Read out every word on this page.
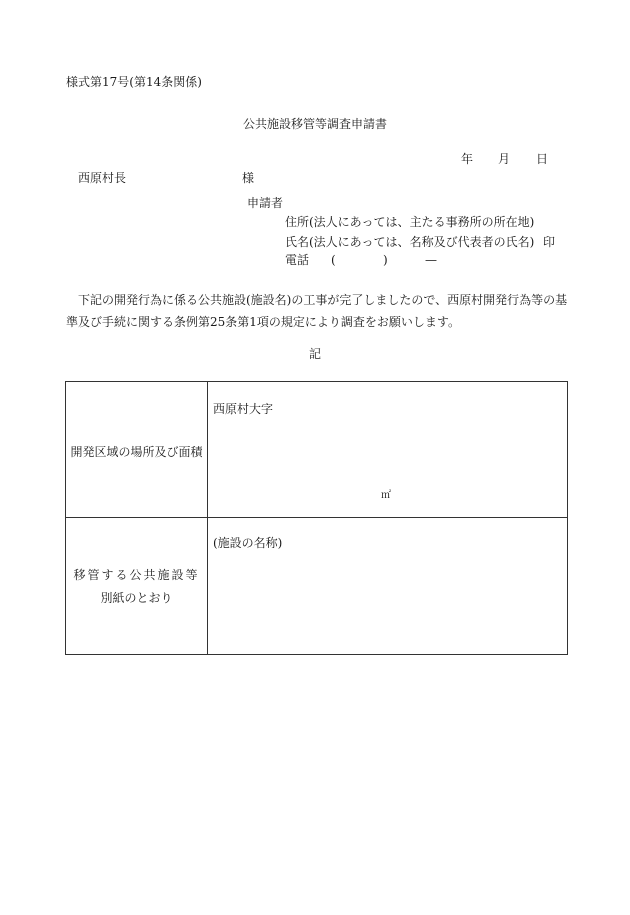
様式第17号(第14条関係)
公共施設移管等調査申請書
年 月 日
西原村長	様
申請者
住所(法人にあっては、主たる事務所の所在地)
氏名(法人にあっては、名称及び代表者の氏名) 印
電話 (	)	—
下記の開発行為に係る公共施設(施設名)の工事が完了しましたので、西原村開発行為等の基準及び手続に関する条例第25条第1項の規定により調査をお願いします。
記
開発区域の場所及び面積	西原村大字
㎡

移管する公共施設等
別紙のとおり	(施設の名称)
